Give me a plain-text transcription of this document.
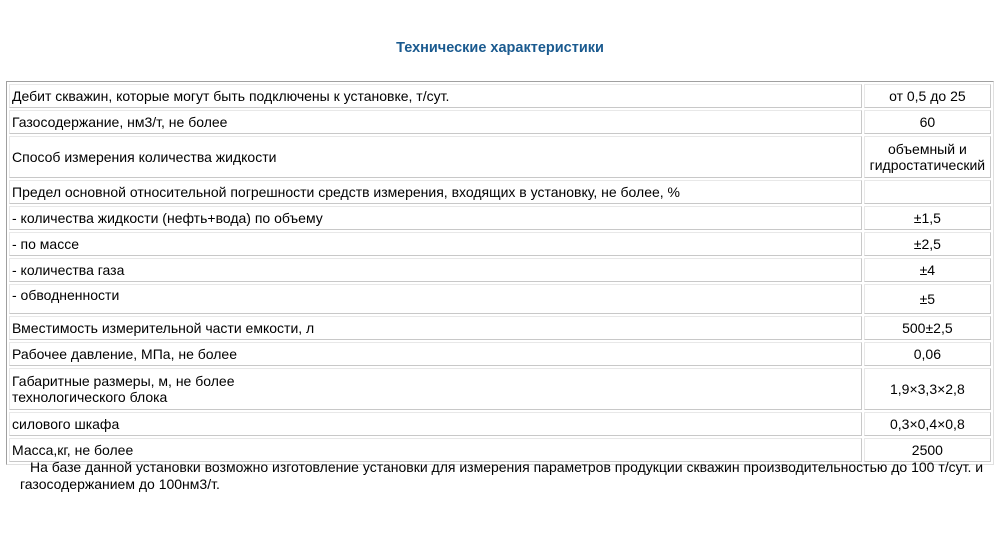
Технические характеристики
Дебит скважин, которые могут быть подключены к установке, т/сут.	от 0,5 до 25
Газосодержание, нм3/т, не более	60
Способ измерения количества жидкости	объемный и гидростатический
Предел основной относительной погрешности средств измерения, входящих в установку, не более, %	
- количества жидкости (нефть+вода) по объему	±1,5
- по массе	±2,5
- количества газа	±4
- обводненности	±5
Вместимость измерительной части емкости, л	500±2,5
Рабочее давление, МПа, не более	0,06
Габаритные размеры, м, не более технологического блока	1,9×3,3×2,8
силового шкафа	0,3×0,4×0,8
Масса,кг, не более	2500
На базе данной установки возможно изготовление установки для измерения параметров продукции скважин производительностью до 100 т/сут. и газосодержанием до 100нм3/т.
